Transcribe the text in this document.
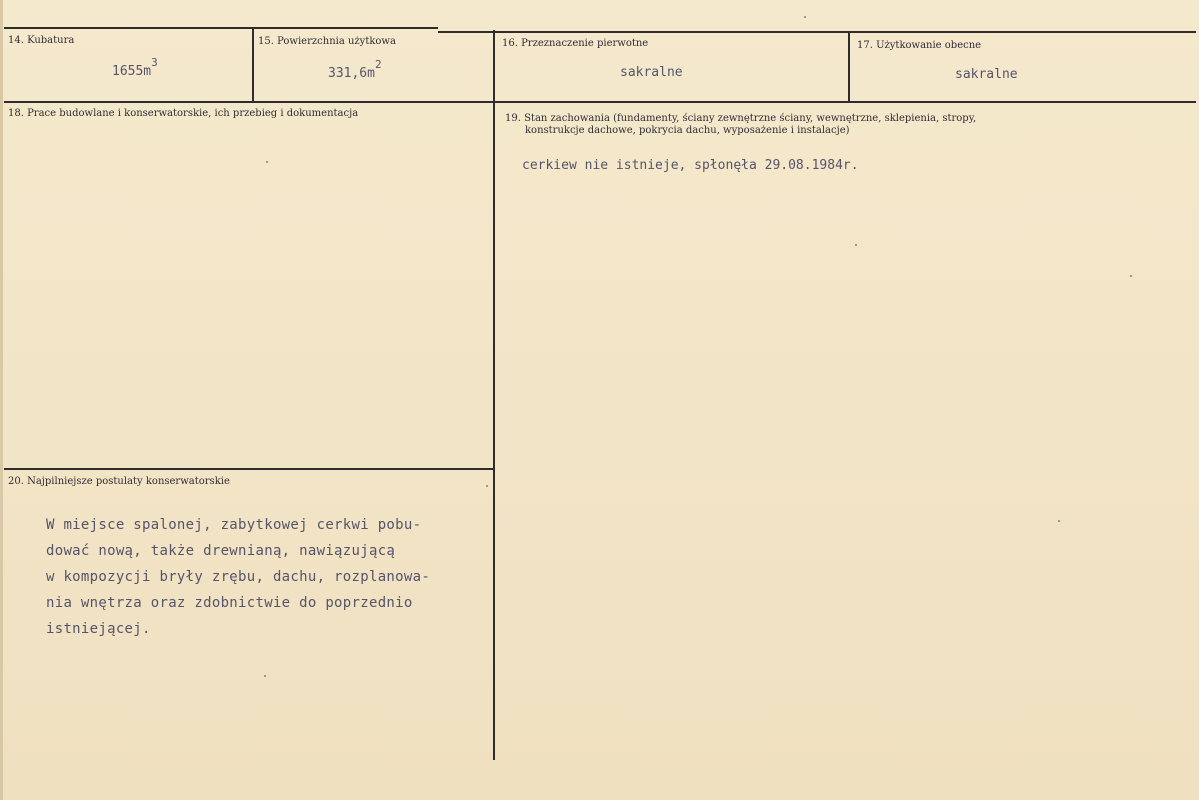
14. Kubatura
$1655m^3$
15. Powierzchnia użytkowa
$331,6m^2$
16. Przeznaczenie pierwotne
sakralne
17. Użytkowanie obecne
sakralne
18. Prace budowlane i konserwatorskie, ich przebieg i dokumentacja	19. Stan zachowania (fundamenty, ściany zewnętrzne ściany, wewnętrzne, sklepienia, stropy,
konstrukcje dachowe, pokrycia dachu, wyposażenie i instalacje)
cerkiew nie istnieje, spłonęła 29.08.1984r.
20. Najpilniejsze postulaty konserwatorskie
W miejsce spalonej, zabytkowej cerkwi pobu-
dować nową, także drewnianą, nawiązującą
w kompozycji bryły zrębu, dachu, rozplanowa-
nia wnętrza oraz zdobnictwie do poprzednio
istniejącej.
